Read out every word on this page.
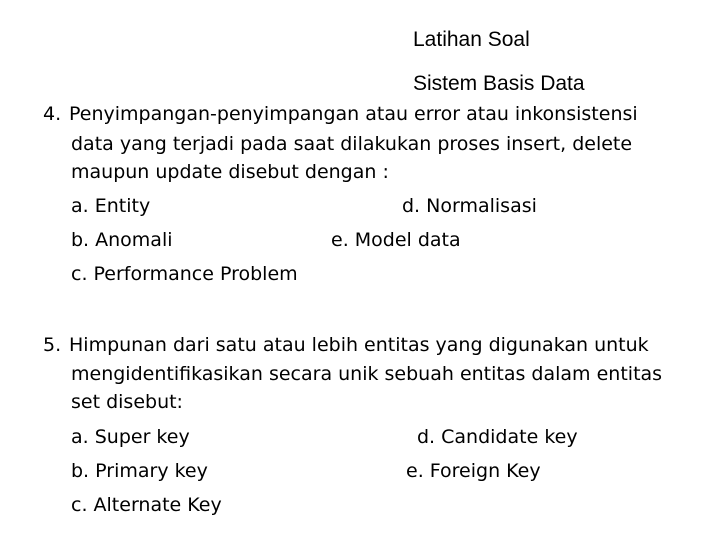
Latihan Soal
Sistem Basis Data
4. Penyimpangan-penyimpangan atau error atau inkonsistensi
data yang terjadi pada saat dilakukan proses insert, delete
maupun update disebut dengan :
a. Entity
b. Anomali
c. Performance Problem
d. Normalisasi
e. Model data
5. Himpunan dari satu atau lebih entitas yang digunakan untuk
mengidentifikasikan secara unik sebuah entitas dalam entitas
set disebut:
a. Super key
b. Primary key
c. Alternate Key
d. Candidate key
e. Foreign Key
